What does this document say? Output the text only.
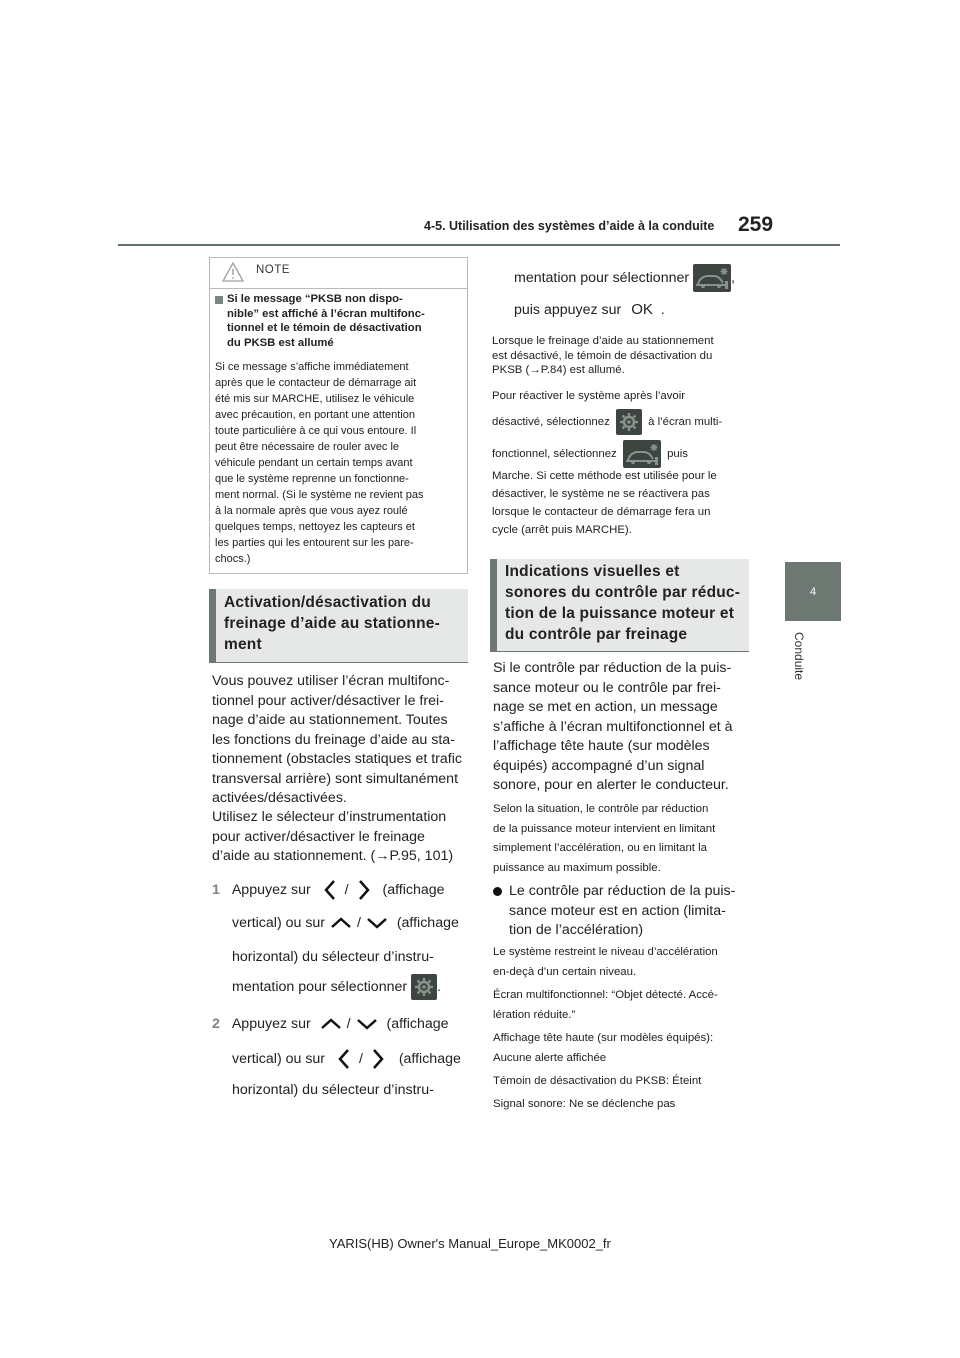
4-5. Utilisation des systèmes d’aide à la conduite 259
4
Conduite
NOTE
Si le message “PKSB non dispo-
nible” est affiché à l’écran multifonc-
tionnel et le témoin de désactivation
du PKSB est allumé
Si ce message s’affiche immédiatement
après que le contacteur de démarrage ait
été mis sur MARCHE, utilisez le véhicule
avec précaution, en portant une attention
toute particulière à ce qui vous entoure. Il
peut être nécessaire de rouler avec le
véhicule pendant un certain temps avant
que le système reprenne un fonctionne-
ment normal. (Si le système ne revient pas
à la normale après que vous ayez roulé
quelques temps, nettoyez les capteurs et
les parties qui les entourent sur les pare-
chocs.)
Activation/désactivation du
freinage d’aide au stationne-
ment
Vous pouvez utiliser l’écran multifonc-
tionnel pour activer/désactiver le frei-
nage d’aide au stationnement. Toutes
les fonctions du freinage d’aide au sta-
tionnement (obstacles statiques et trafic
transversal arrière) sont simultanément
activées/désactivées.
Utilisez le sélecteur d’instrumentation
pour activer/désactiver le freinage
d’aide au stationnement. (→P.95, 101)
1 Appuyez sur / (affichage
vertical) ou sur /	(affichage
horizontal) du sélecteur d’instru-
mentation pour sélectionner .
2 Appuyez sur	/	(affichage
vertical) ou sur /	(affichage
horizontal) du sélecteur d’instru-
mentation pour sélectionner	,
puis appuyez sur OK .
Lorsque le freinage d’aide au stationnement
est désactivé, le témoin de désactivation du
PKSB (→P.84) est allumé.
Pour réactiver le système après l’avoir
désactivé, sélectionnez	à l’écran multi-
fonctionnel, sélectionnez	puis
Marche. Si cette méthode est utilisée pour le
désactiver, le système ne se réactivera pas
lorsque le contacteur de démarrage fera un
cycle (arrêt puis MARCHE).
Indications visuelles et
sonores du contrôle par réduc-
tion de la puissance moteur et
du contrôle par freinage
Si le contrôle par réduction de la puis-
sance moteur ou le contrôle par frei-
nage se met en action, un message
s’affiche à l’écran multifonctionnel et à
l’affichage tête haute (sur modèles
équipés) accompagné d’un signal
sonore, pour en alerter le conducteur.
Selon la situation, le contrôle par réduction
de la puissance moteur intervient en limitant
simplement l’accélération, ou en limitant la
puissance au maximum possible.
Le contrôle par réduction de la puis-
sance moteur est en action (limita-
tion de l’accélération)
Le système restreint le niveau d’accélération
en-deçà d’un certain niveau.
Écran multifonctionnel: “Objet détecté. Accé-
lération réduite.”
Affichage tête haute (sur modèles équipés):
Aucune alerte affichée
Témoin de désactivation du PKSB: Éteint
Signal sonore: Ne se déclenche pas
YARIS(HB) Owner's Manual_Europe_MK0002_fr
